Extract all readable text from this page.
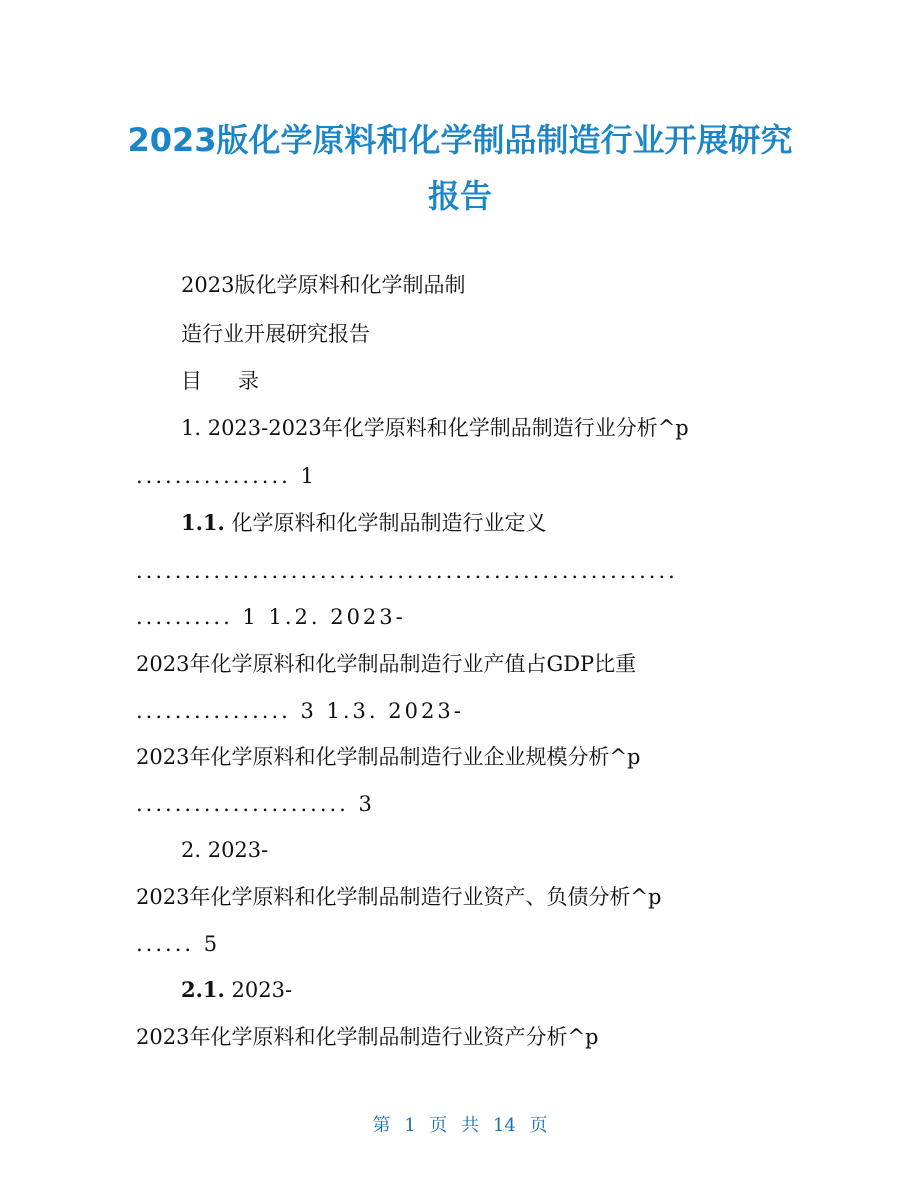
2023版化学原料和化学制品制造行业开展研究
报告

2023版化学原料和化学制品制

造行业开展研究报告

目 录

1. 2023-2023年化学原料和化学制品制造行业分析^p

................ 1

1.1. 化学原料和化学制品制造行业定义

........................................................

.......... 1 1.2. 2023-

2023年化学原料和化学制品制造行业产值占GDP比重

................ 3 1.3. 2023-

2023年化学原料和化学制品制造行业企业规模分析^p

...................... 3

2. 2023-

2023年化学原料和化学制品制造行业资产、负债分析^p

...... 5

2.1. 2023-

2023年化学原料和化学制品制造行业资产分析^p

第 1 页 共 14 页
